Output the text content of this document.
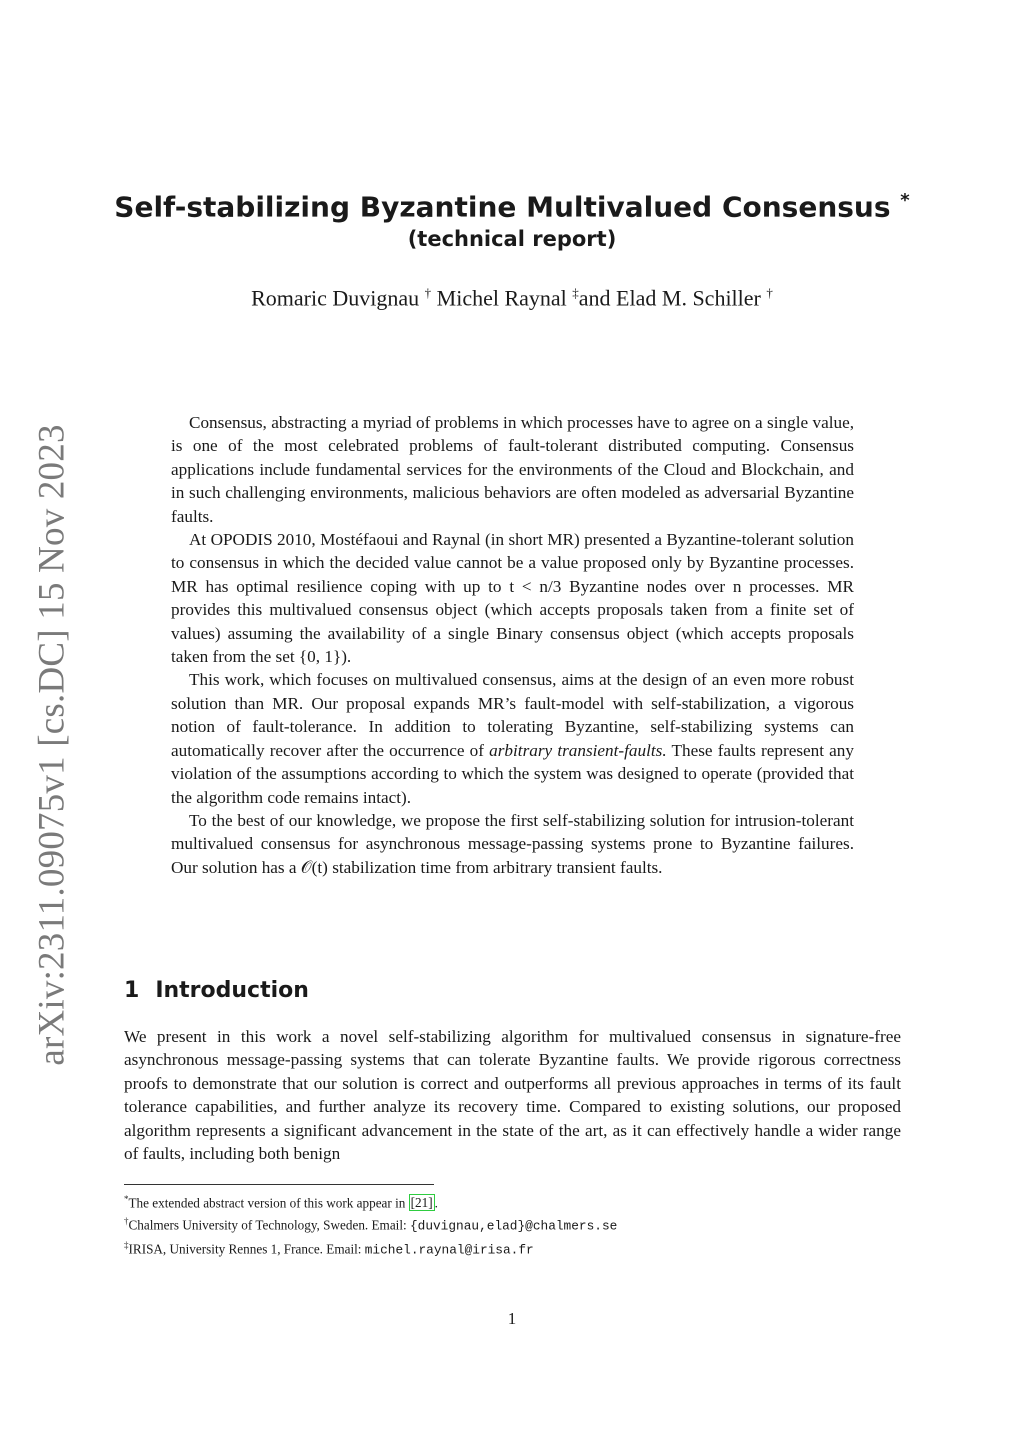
arXiv:2311.09075v1 [cs.DC] 15 Nov 2023
Self-stabilizing Byzantine Multivalued Consensus *
(technical report)
Romaric Duvignau † Michel Raynal ‡and Elad M. Schiller †

Consensus, abstracting a myriad of problems in which processes have to agree on a single value, is one of the most celebrated problems of fault-tolerant distributed computing. Consensus applications include fundamental services for the environments of the Cloud and Blockchain, and in such challenging environments, malicious behaviors are often modeled as adversarial Byzantine faults.

At OPODIS 2010, Mostéfaoui and Raynal (in short MR) presented a Byzantine-tolerant solution to consensus in which the decided value cannot be a value proposed only by Byzantine processes. MR has optimal resilience coping with up to t < n/3 Byzantine nodes over n processes. MR provides this multivalued consensus object (which accepts proposals taken from a finite set of values) assuming the availability of a single Binary consensus object (which accepts proposals taken from the set {0, 1}).

This work, which focuses on multivalued consensus, aims at the design of an even more robust solution than MR. Our proposal expands MR’s fault-model with self-stabilization, a vigorous notion of fault-tolerance. In addition to tolerating Byzantine, self-stabilizing systems can automatically recover after the occurrence of arbitrary transient-faults. These faults represent any violation of the assumptions according to which the system was designed to operate (provided that the algorithm code remains intact).

To the best of our knowledge, we propose the first self-stabilizing solution for intrusion-tolerant multivalued consensus for asynchronous message-passing systems prone to Byzantine failures. Our solution has a 𝒪(t) stabilization time from arbitrary transient faults.

1 Introduction

We present in this work a novel self-stabilizing algorithm for multivalued consensus in signature-free asynchronous message-passing systems that can tolerate Byzantine faults. We provide rigorous correctness proofs to demonstrate that our solution is correct and outperforms all previous approaches in terms of its fault tolerance capabilities, and further analyze its recovery time. Compared to existing solutions, our proposed algorithm represents a significant advancement in the state of the art, as it can effectively handle a wider range of faults, including both benign

*The extended abstract version of this work appear in [21] .
†Chalmers University of Technology, Sweden. Email: {duvignau,elad}@chalmers.se
‡IRISA, University Rennes 1, France. Email: michel.raynal@irisa.fr
1
